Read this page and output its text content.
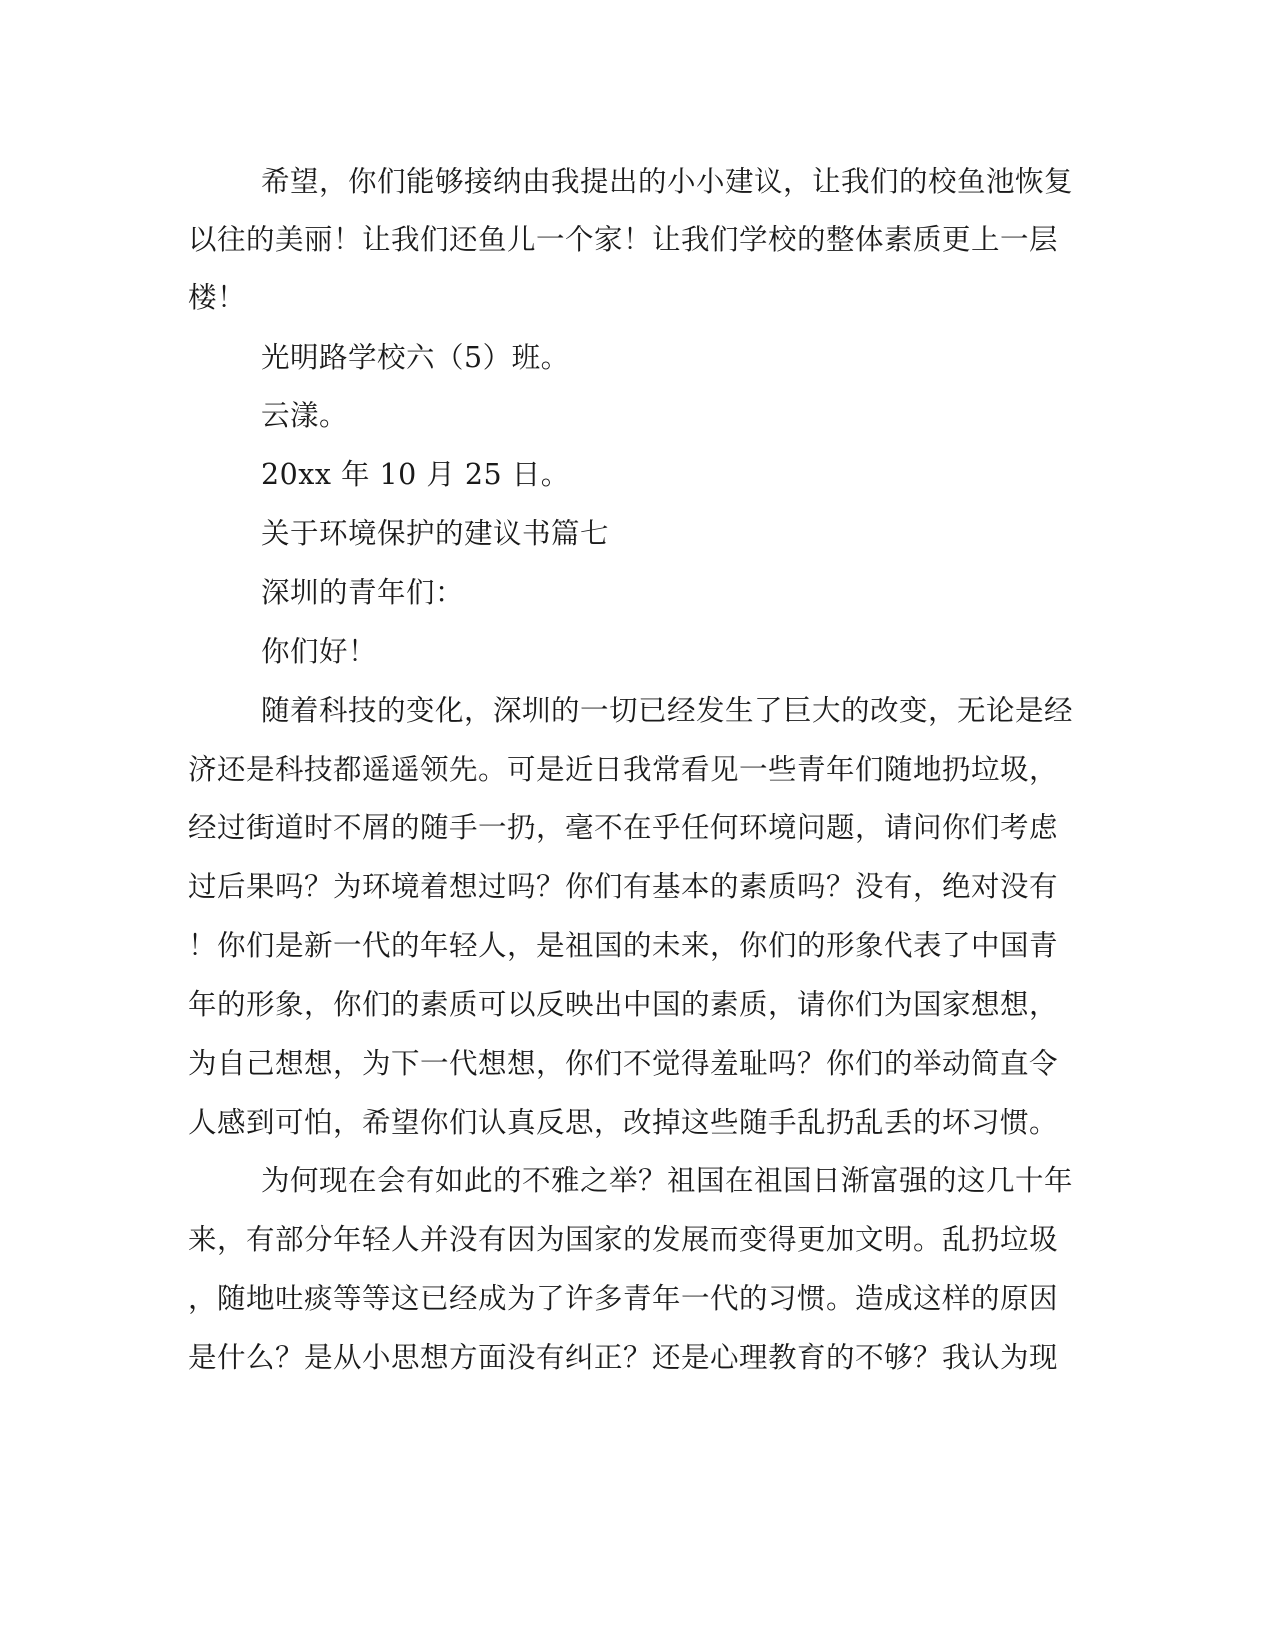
希望，你们能够接纳由我提出的小小建议，让我们的校鱼池恢复
以往的美丽！让我们还鱼儿一个家！让我们学校的整体素质更上一层
楼！
光明路学校六（5）班。
云漾。
20xx 年 10 月 25 日。
关于环境保护的建议书篇七
深圳的青年们：
你们好！
随着科技的变化，深圳的一切已经发生了巨大的改变，无论是经
济还是科技都遥遥领先。可是近日我常看见一些青年们随地扔垃圾，
经过街道时不屑的随手一扔，毫不在乎任何环境问题，请问你们考虑
过后果吗？为环境着想过吗？你们有基本的素质吗？没有，绝对没有
！你们是新一代的年轻人，是祖国的未来，你们的形象代表了中国青
年的形象，你们的素质可以反映出中国的素质，请你们为国家想想，
为自己想想，为下一代想想，你们不觉得羞耻吗？你们的举动简直令
人感到可怕，希望你们认真反思，改掉这些随手乱扔乱丢的坏习惯。
为何现在会有如此的不雅之举？祖国在祖国日渐富强的这几十年
来，有部分年轻人并没有因为国家的发展而变得更加文明。乱扔垃圾
，随地吐痰等等这已经成为了许多青年一代的习惯。造成这样的原因
是什么？是从小思想方面没有纠正？还是心理教育的不够？我认为现
